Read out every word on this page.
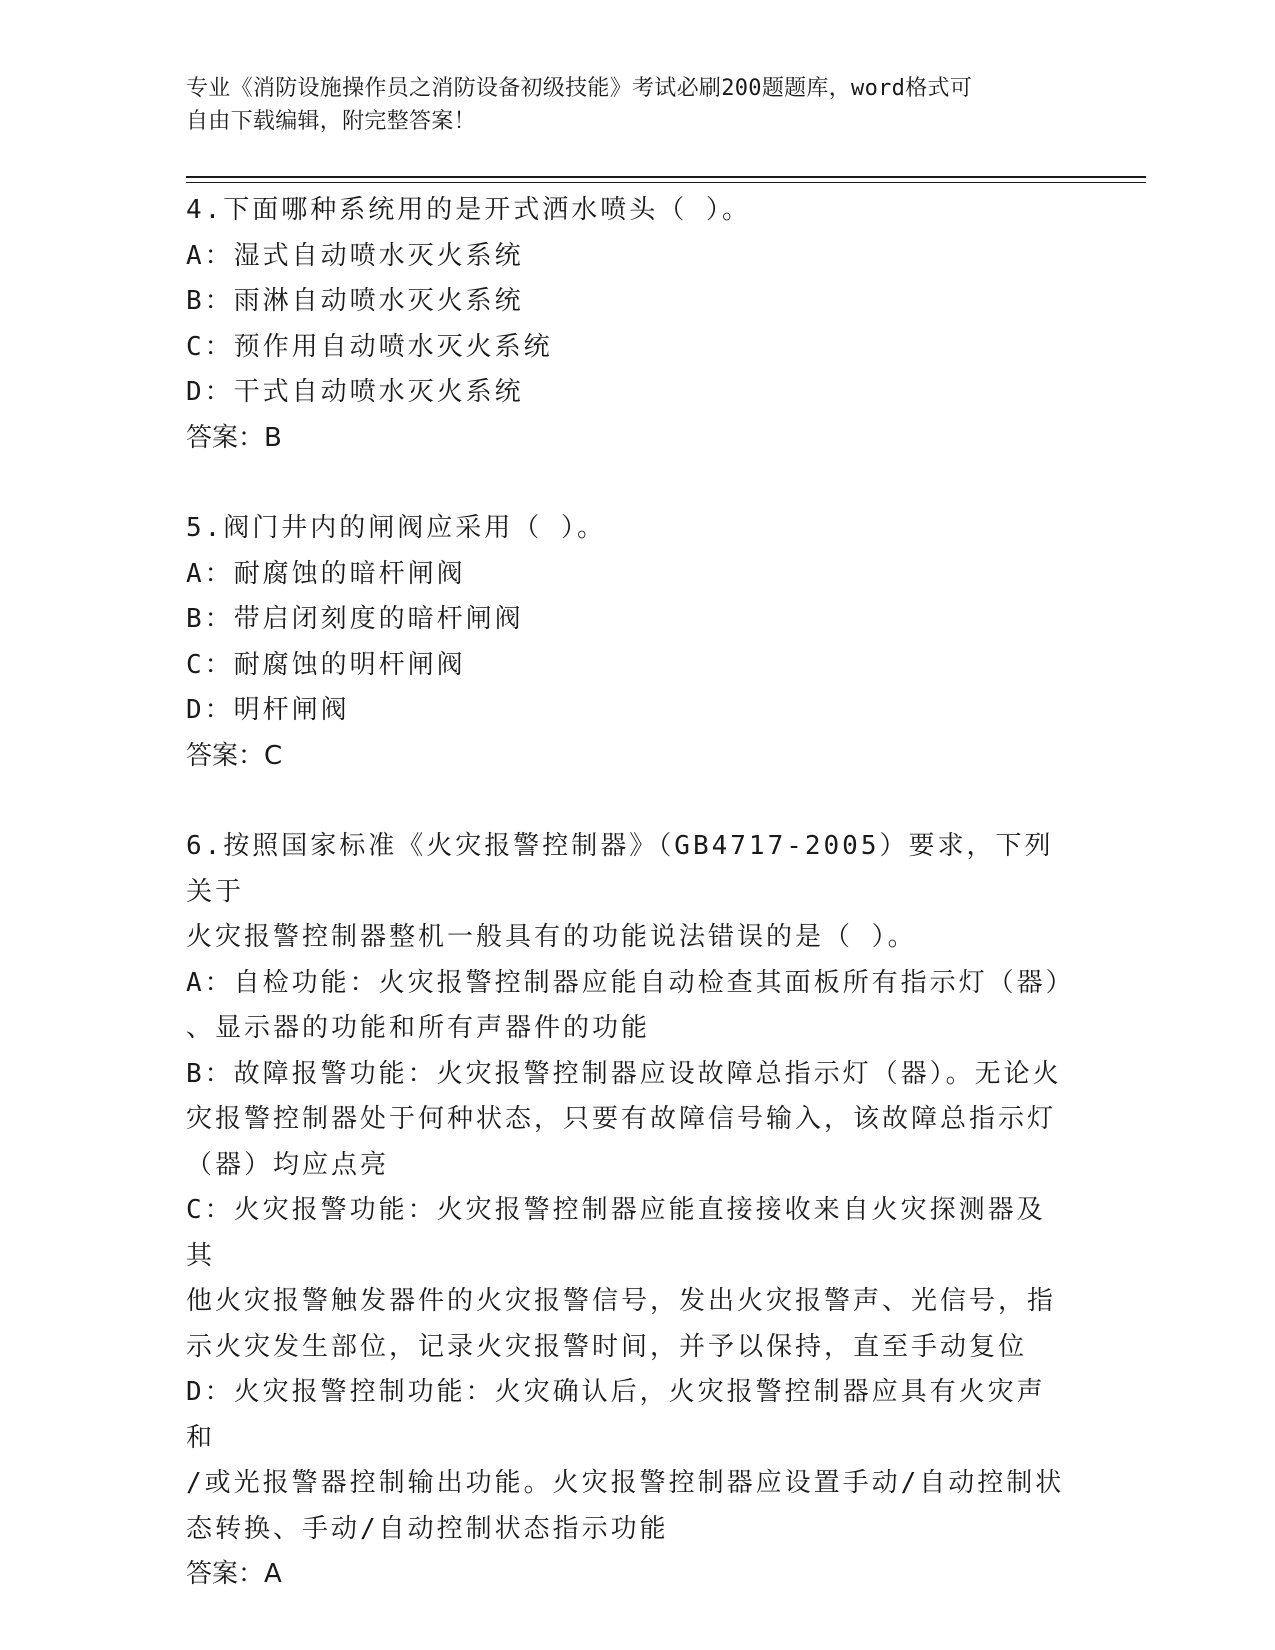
专业《消防设施操作员之消防设备初级技能》考试必刷200题题库，word格式可
自由下载编辑，附完整答案！
4.下面哪种系统用的是开式洒水喷头（ ）。
A：湿式自动喷水灭火系统
B：雨淋自动喷水灭火系统
C：预作用自动喷水灭火系统
D：干式自动喷水灭火系统
答案：B
5.阀门井内的闸阀应采用（ ）。
A：耐腐蚀的暗杆闸阀
B：带启闭刻度的暗杆闸阀
C：耐腐蚀的明杆闸阀
D：明杆闸阀
答案：C
6.按照国家标准《火灾报警控制器》（GB4717-2005）要求，下列关于
火灾报警控制器整机一般具有的功能说法错误的是（ ）。
A：自检功能：火灾报警控制器应能自动检查其面板所有指示灯（器）
、显示器的功能和所有声器件的功能
B：故障报警功能：火灾报警控制器应设故障总指示灯（器）。无论火
灾报警控制器处于何种状态，只要有故障信号输入，该故障总指示灯
（器）均应点亮
C：火灾报警功能：火灾报警控制器应能直接接收来自火灾探测器及其
他火灾报警触发器件的火灾报警信号，发出火灾报警声、光信号，指
示火灾发生部位，记录火灾报警时间，并予以保持，直至手动复位
D：火灾报警控制功能：火灾确认后，火灾报警控制器应具有火灾声和
/或光报警器控制输出功能。火灾报警控制器应设置手动/自动控制状
态转换、手动/自动控制状态指示功能
答案：A
